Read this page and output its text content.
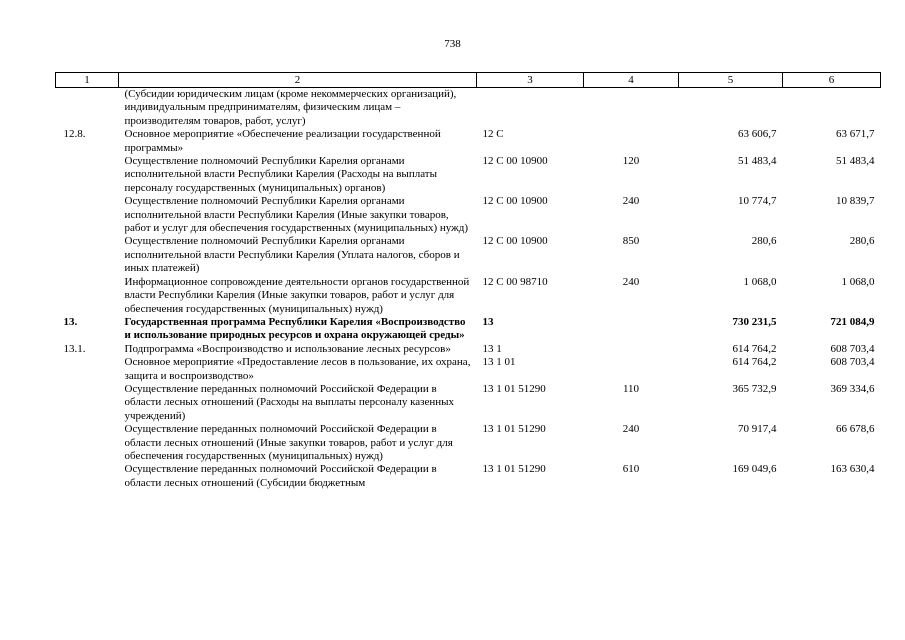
738
1	2	3	4	5	6
	(Субсидии юридическим лицам (кроме некоммерческих организаций), индивидуальным предпринимателям, физическим лицам – производителям товаров, работ, услуг)				
12.8.	Основное мероприятие «Обеспечение реализации государственной программы»	12 С		63 606,7	63 671,7
	Осуществление полномочий Республики Карелия органами исполнительной власти Республики Карелия (Расходы на выплаты персоналу государственных (муниципальных) органов)	12 С 00 10900	120	51 483,4	51 483,4
	Осуществление полномочий Республики Карелия органами исполнительной власти Республики Карелия (Иные закупки товаров, работ и услуг для обеспечения государственных (муниципальных) нужд)	12 С 00 10900	240	10 774,7	10 839,7
	Осуществление полномочий Республики Карелия органами исполнительной власти Республики Карелия (Уплата налогов, сборов и иных платежей)	12 С 00 10900	850	280,6	280,6
	Информационное сопровождение деятельности органов государственной власти Республики Карелия (Иные закупки товаров, работ и услуг для обеспечения государственных (муниципальных) нужд)	12 С 00 98710	240	1 068,0	1 068,0
13.	Государственная программа Республики Карелия «Воспроизводство и использование природных ресурсов и охрана окружающей среды»	13		730 231,5	721 084,9
13.1.	Подпрограмма «Воспроизводство и использование лесных ресурсов»	13 1		614 764,2	608 703,4
	Основное мероприятие «Предоставление лесов в пользование, их охрана, защита и воспроизводство»	13 1 01		614 764,2	608 703,4
	Осуществление переданных полномочий Российской Федерации в области лесных отношений (Расходы на выплаты персоналу казенных учреждений)	13 1 01 51290	110	365 732,9	369 334,6
	Осуществление переданных полномочий Российской Федерации в области лесных отношений (Иные закупки товаров, работ и услуг для обеспечения государственных (муниципальных) нужд)	13 1 01 51290	240	70 917,4	66 678,6
	Осуществление переданных полномочий Российской Федерации в области лесных отношений (Субсидии бюджетным	13 1 01 51290	610	169 049,6	163 630,4
